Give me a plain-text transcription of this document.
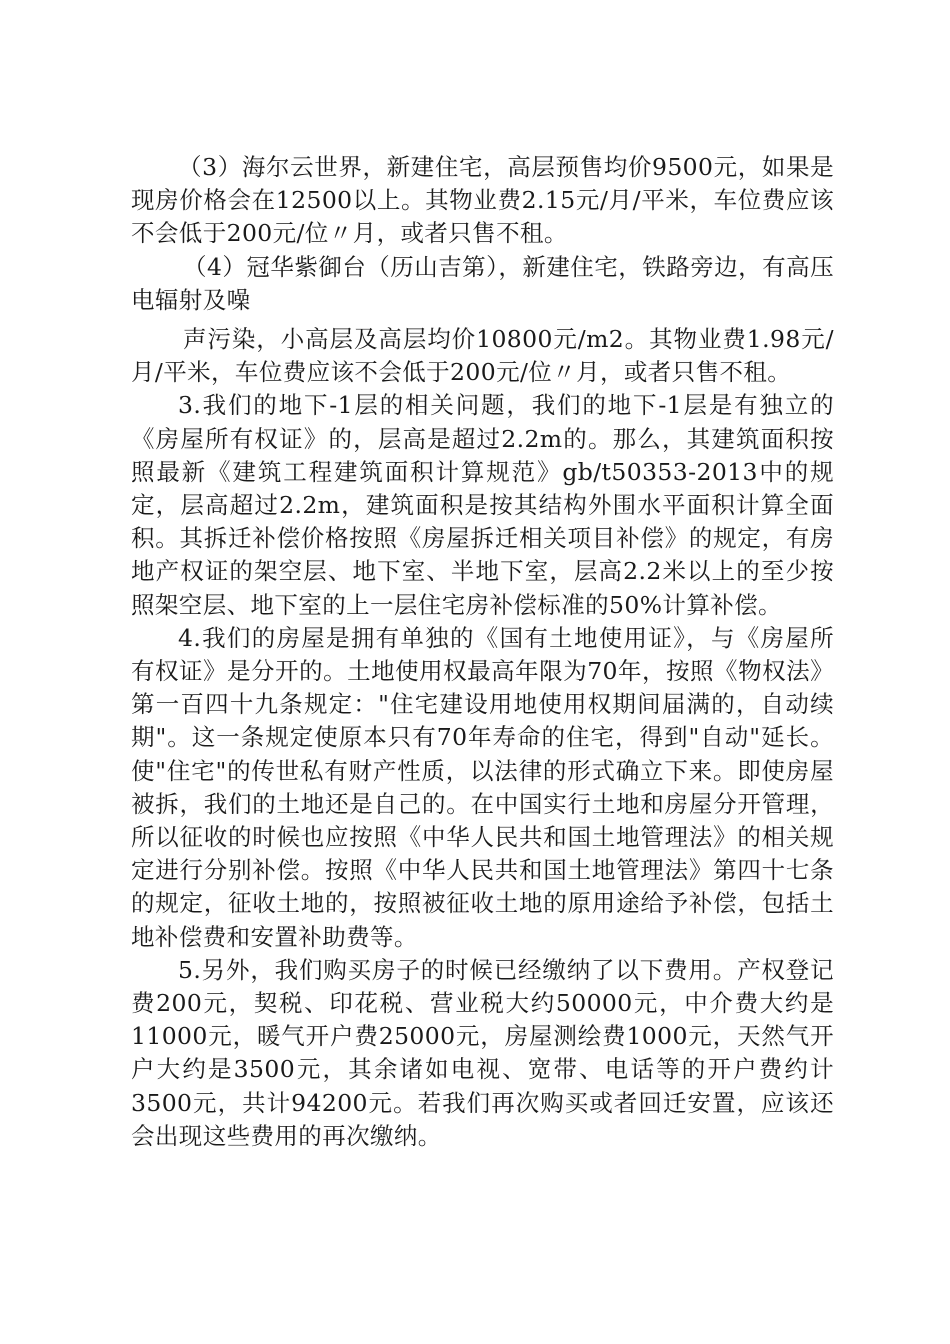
（3）海尔云世界，新建住宅，高层预售均价9500元，如果是现房价格会在12500以上。其物业费2.15元/月/平米，车位费应该不会低于200元/位〃月，或者只售不租。

（4）冠华紫御台（历山吉第），新建住宅，铁路旁边，有高压电辐射及噪

声污染，小高层及高层均价10800元/m2。其物业费1.98元/月/平米，车位费应该不会低于200元/位〃月，或者只售不租。

3.我们的地下-1层的相关问题，我们的地下-1层是有独立的《房屋所有权证》的，层高是超过2.2m的。那么，其建筑面积按照最新《建筑工程建筑面积计算规范》gb/t50353-2013中的规定，层高超过2.2m，建筑面积是按其结构外围水平面积计算全面积。其拆迁补偿价格按照《房屋拆迁相关项目补偿》的规定，有房地产权证的架空层、地下室、半地下室，层高2.2米以上的至少按照架空层、地下室的上一层住宅房补偿标准的50%计算补偿。

4.我们的房屋是拥有单独的《国有土地使用证》，与《房屋所有权证》是分开的。土地使用权最高年限为70年，按照《物权法》第一百四十九条规定："住宅建设用地使用权期间届满的，自动续期"。这一条规定使原本只有70年寿命的住宅，得到"自动"延长。使"住宅"的传世私有财产性质，以法律的形式确立下来。即使房屋被拆，我们的土地还是自己的。在中国实行土地和房屋分开管理，所以征收的时候也应按照《中华人民共和国土地管理法》的相关规定进行分别补偿。按照《中华人民共和国土地管理法》第四十七条的规定，征收土地的，按照被征收土地的原用途给予补偿，包括土地补偿费和安置补助费等。

5.另外，我们购买房子的时候已经缴纳了以下费用。产权登记费200元，契税、印花税、营业税大约50000元，中介费大约是11000元，暖气开户费25000元，房屋测绘费1000元，天然气开户大约是3500元，其余诸如电视、宽带、电话等的开户费约计3500元，共计94200元。若我们再次购买或者回迁安置，应该还会出现这些费用的再次缴纳。
